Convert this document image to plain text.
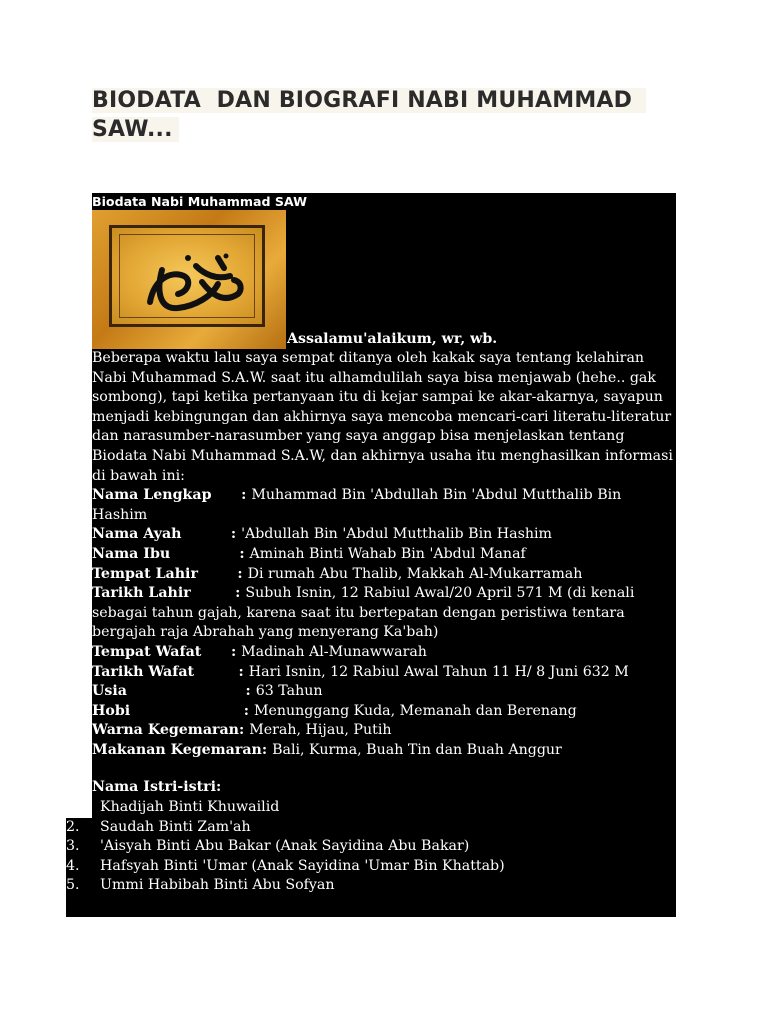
BIODATA  DAN BIOGRAFI NABI MUHAMMAD
SAW...
Biodata Nabi Muhammad SAW
Assalamu'alaikum, wr, wb.

Beberapa waktu lalu saya sempat ditanya oleh kakak saya tentang kelahiran Nabi Muhammad S.A.W. saat itu alhamdulilah saya bisa menjawab (hehe.. gak sombong), tapi ketika pertanyaan itu di kejar sampai ke akar-akarnya, sayapun menjadi kebingungan dan akhirnya saya mencoba mencari-cari literatu-literatur dan narasumber-narasumber yang saya anggap bisa menjelaskan tentang Biodata Nabi Muhammad S.A.W, dan akhirnya usaha itu menghasilkan informasi di bawah ini:

Nama Lengkap      : Muhammad Bin 'Abdullah Bin 'Abdul Mutthalib Bin Hashim

Nama Ayah          : 'Abdullah Bin 'Abdul Mutthalib Bin Hashim

Nama Ibu              : Aminah Binti Wahab Bin 'Abdul Manaf

Tempat Lahir        : Di rumah Abu Thalib, Makkah Al-Mukarramah

Tarikh Lahir         : Subuh Isnin, 12 Rabiul Awal/20 April 571 M (di kenali sebagai tahun gajah, karena saat itu bertepatan dengan peristiwa tentara bergajah raja Abrahah yang menyerang Ka'bah)

Tempat Wafat      : Madinah Al-Munawwarah

Tarikh Wafat         : Hari Isnin, 12 Rabiul Awal Tahun 11 H/ 8 Juni 632 M

Usia                        : 63 Tahun

Hobi                       : Menunggang Kuda, Memanah dan Berenang

Warna Kegemaran: Merah, Hijau, Putih

Makanan Kegemaran: Bali, Kurma, Buah Tin dan Buah Anggur

Nama Istri-istri:

1.	Khadijah Binti Khuwailid
2.	Saudah Binti Zam'ah
3.	'Aisyah Binti Abu Bakar (Anak Sayidina Abu Bakar)
4.	Hafsyah Binti 'Umar (Anak Sayidina 'Umar Bin Khattab)
5.	Ummi Habibah Binti Abu Sofyan
